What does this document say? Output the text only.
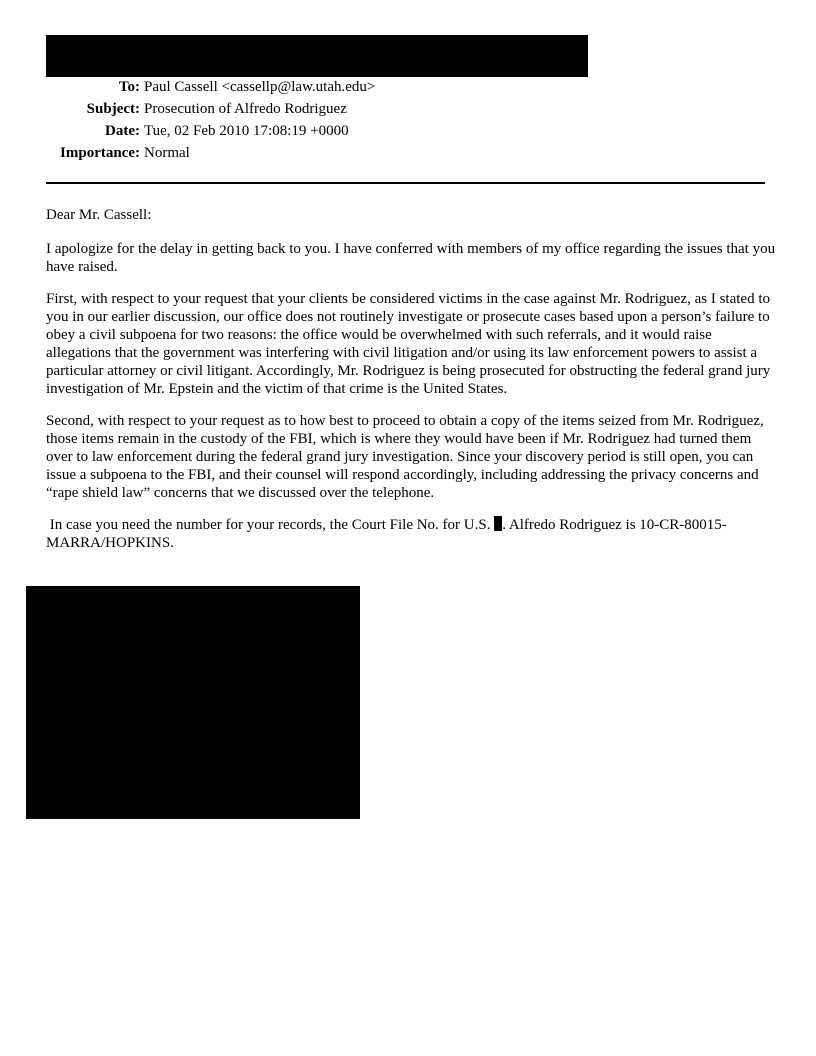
To: Paul Cassell <cassellp@law.utah.edu>
Subject: Prosecution of Alfredo Rodriguez
Date: Tue, 02 Feb 2010 17:08:19 +0000
Importance: Normal

Dear Mr. Cassell:

I apologize for the delay in getting back to you. I have conferred with members of my office regarding the issues that you have raised.

First, with respect to your request that your clients be considered victims in the case against Mr. Rodriguez, as I stated to you in our earlier discussion, our office does not routinely investigate or prosecute cases based upon a person’s failure to obey a civil subpoena for two reasons: the office would be overwhelmed with such referrals, and it would raise allegations that the government was interfering with civil litigation and/or using its law enforcement powers to assist a particular attorney or civil litigant. Accordingly, Mr. Rodriguez is being prosecuted for obstructing the federal grand jury investigation of Mr. Epstein and the victim of that crime is the United States.

Second, with respect to your request as to how best to proceed to obtain a copy of the items seized from Mr. Rodriguez, those items remain in the custody of the FBI, which is where they would have been if Mr. Rodriguez had turned them over to law enforcement during the federal grand jury investigation. Since your discovery period is still open, you can issue a subpoena to the FBI, and their counsel will respond accordingly, including addressing the privacy concerns and “rape shield law” concerns that we discussed over the telephone.

In case you need the number for your records, the Court File No. for U.S. . Alfredo Rodriguez is 10-CR-80015-MARRA/HOPKINS.
